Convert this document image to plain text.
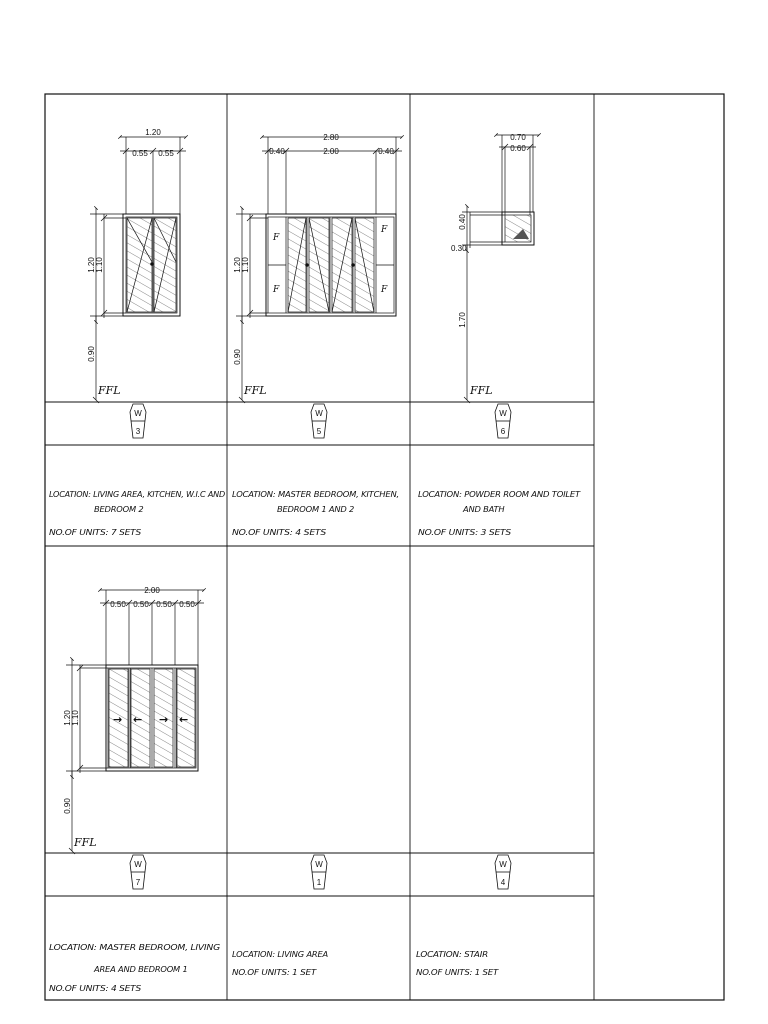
1.20
0.55 0.55
1.20 1.10
0.90
FFL
2.80
0.40	2.00	0.40
F
F
F
F
1.20 1.10
0.90
FFL
0.70
0.60
0.40
0.30
1.70
FFL
2.00
0.50 0.50 0.50 0.50
→ ← → ←
1.20 1.10
0.90
FFL
W
3
W
5
W
6
W
7
W
1
W
4
LOCATION: LIVING AREA, KITCHEN, W.I.C AND
BEDROOM 2
NO.OF UNITS: 7 SETS
LOCATION: MASTER BEDROOM, KITCHEN,
BEDROOM 1 AND 2
NO.OF UNITS: 4 SETS
LOCATION: POWDER ROOM AND TOILET
AND BATH
NO.OF UNITS: 3 SETS
LOCATION: MASTER BEDROOM, LIVING
AREA AND BEDROOM 1
NO.OF UNITS: 4 SETS
LOCATION: LIVING AREA
NO.OF UNITS: 1 SET
LOCATION: STAIR
NO.OF UNITS: 1 SET
